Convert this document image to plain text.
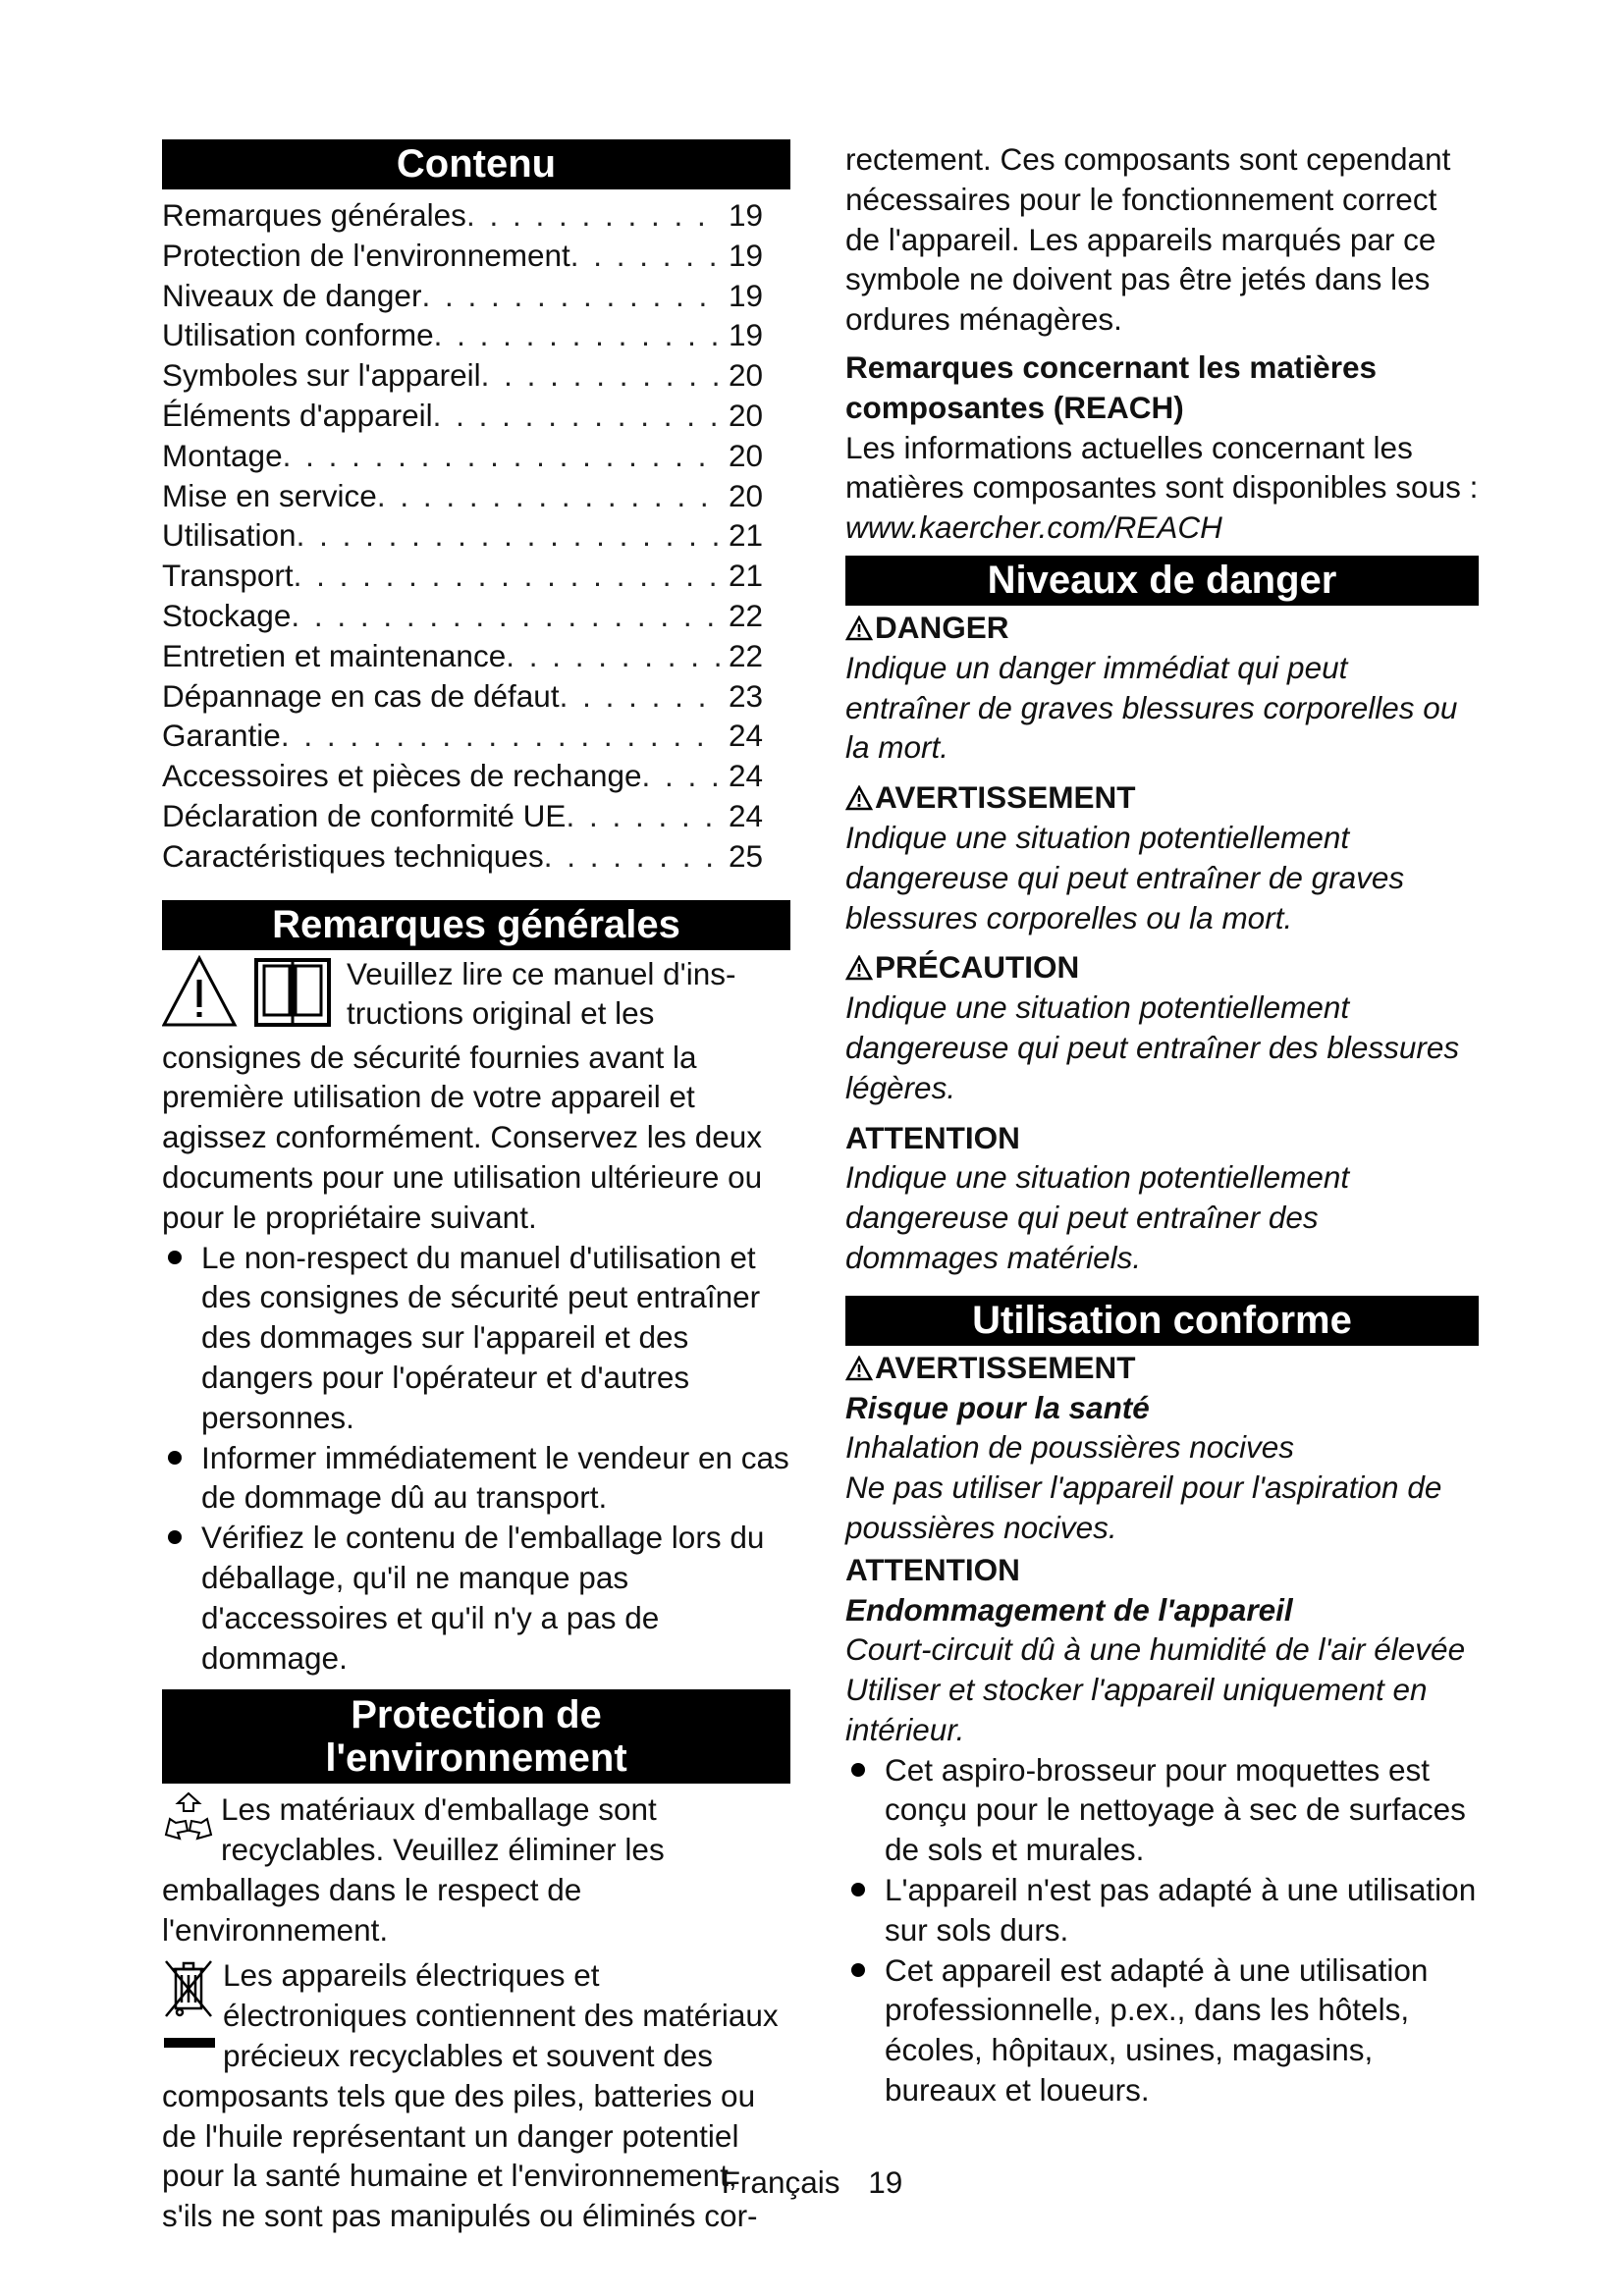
Contenu
Remarques générales . . .	19
Protection de l'environnement . . .	19
Niveaux de danger . . .	19
Utilisation conforme . . .	19
Symboles sur l'appareil . . .	20
Éléments d'appareil . . .	20
Montage . . .	20
Mise en service . . .	20
Utilisation . . .	21
Transport . . .	21
Stockage . . .	22
Entretien et maintenance . . .	22
Dépannage en cas de défaut . . .	23
Garantie . . .	24
Accessoires et pièces de rechange . . .	24
Déclaration de conformité UE . . .	24
Caractéristiques techniques . . .	25
Remarques générales

Veuillez lire ce manuel d'ins-

tructions original et les

consignes de sécurité fournies avant la première utilisation de votre appareil et agissez conformément. Conservez les deux documents pour une utilisation ultérieure ou pour le propriétaire suivant.

Le non-respect du manuel d'utilisation et des consignes de sécurité peut entraîner des dommages sur l'appareil et des dangers pour l'opérateur et d'autres personnes.
Informer immédiatement le vendeur en cas de dommage dû au transport.
Vérifiez le contenu de l'emballage lors du déballage, qu'il ne manque pas d'accessoires et qu'il n'y a pas de dommage.
Protection de
l'environnement

Les matériaux d'emballage sont recyclables. Veuillez éliminer les emballages dans le respect de l'environnement.

Les appareils électriques et électroniques contiennent des matériaux précieux recyclables et souvent des composants tels que des piles, batteries ou de l'huile représentant un danger potentiel pour la santé humaine et l'environnement, s'ils ne sont pas manipulés ou éliminés cor-

rectement. Ces composants sont cependant nécessaires pour le fonctionnement correct de l'appareil. Les appareils marqués par ce symbole ne doivent pas être jetés dans les ordures ménagères.

Remarques concernant les matières composantes (REACH)

Les informations actuelles concernant les matières composantes sont disponibles sous : www.kaercher.com/REACH

Niveaux de danger

DANGER

Indique un danger immédiat qui peut entraîner de graves blessures corporelles ou la mort.

AVERTISSEMENT

Indique une situation potentiellement dangereuse qui peut entraîner de graves blessures corporelles ou la mort.

PRÉCAUTION

Indique une situation potentiellement dangereuse qui peut entraîner des blessures légères.

ATTENTION

Indique une situation potentiellement dangereuse qui peut entraîner des dommages matériels.

Utilisation conforme

AVERTISSEMENT

Risque pour la santé

Inhalation de poussières nocives

Ne pas utiliser l'appareil pour l'aspiration de poussières nocives.

ATTENTION

Endommagement de l'appareil

Court-circuit dû à une humidité de l'air élevée

Utiliser et stocker l'appareil uniquement en intérieur.

Cet aspiro-brosseur pour moquettes est conçu pour le nettoyage à sec de surfaces de sols et murales.
L'appareil n'est pas adapté à une utilisation sur sols durs.
Cet appareil est adapté à une utilisation professionnelle, p.ex., dans les hôtels, écoles, hôpitaux, usines, magasins, bureaux et loueurs.
Français 19
